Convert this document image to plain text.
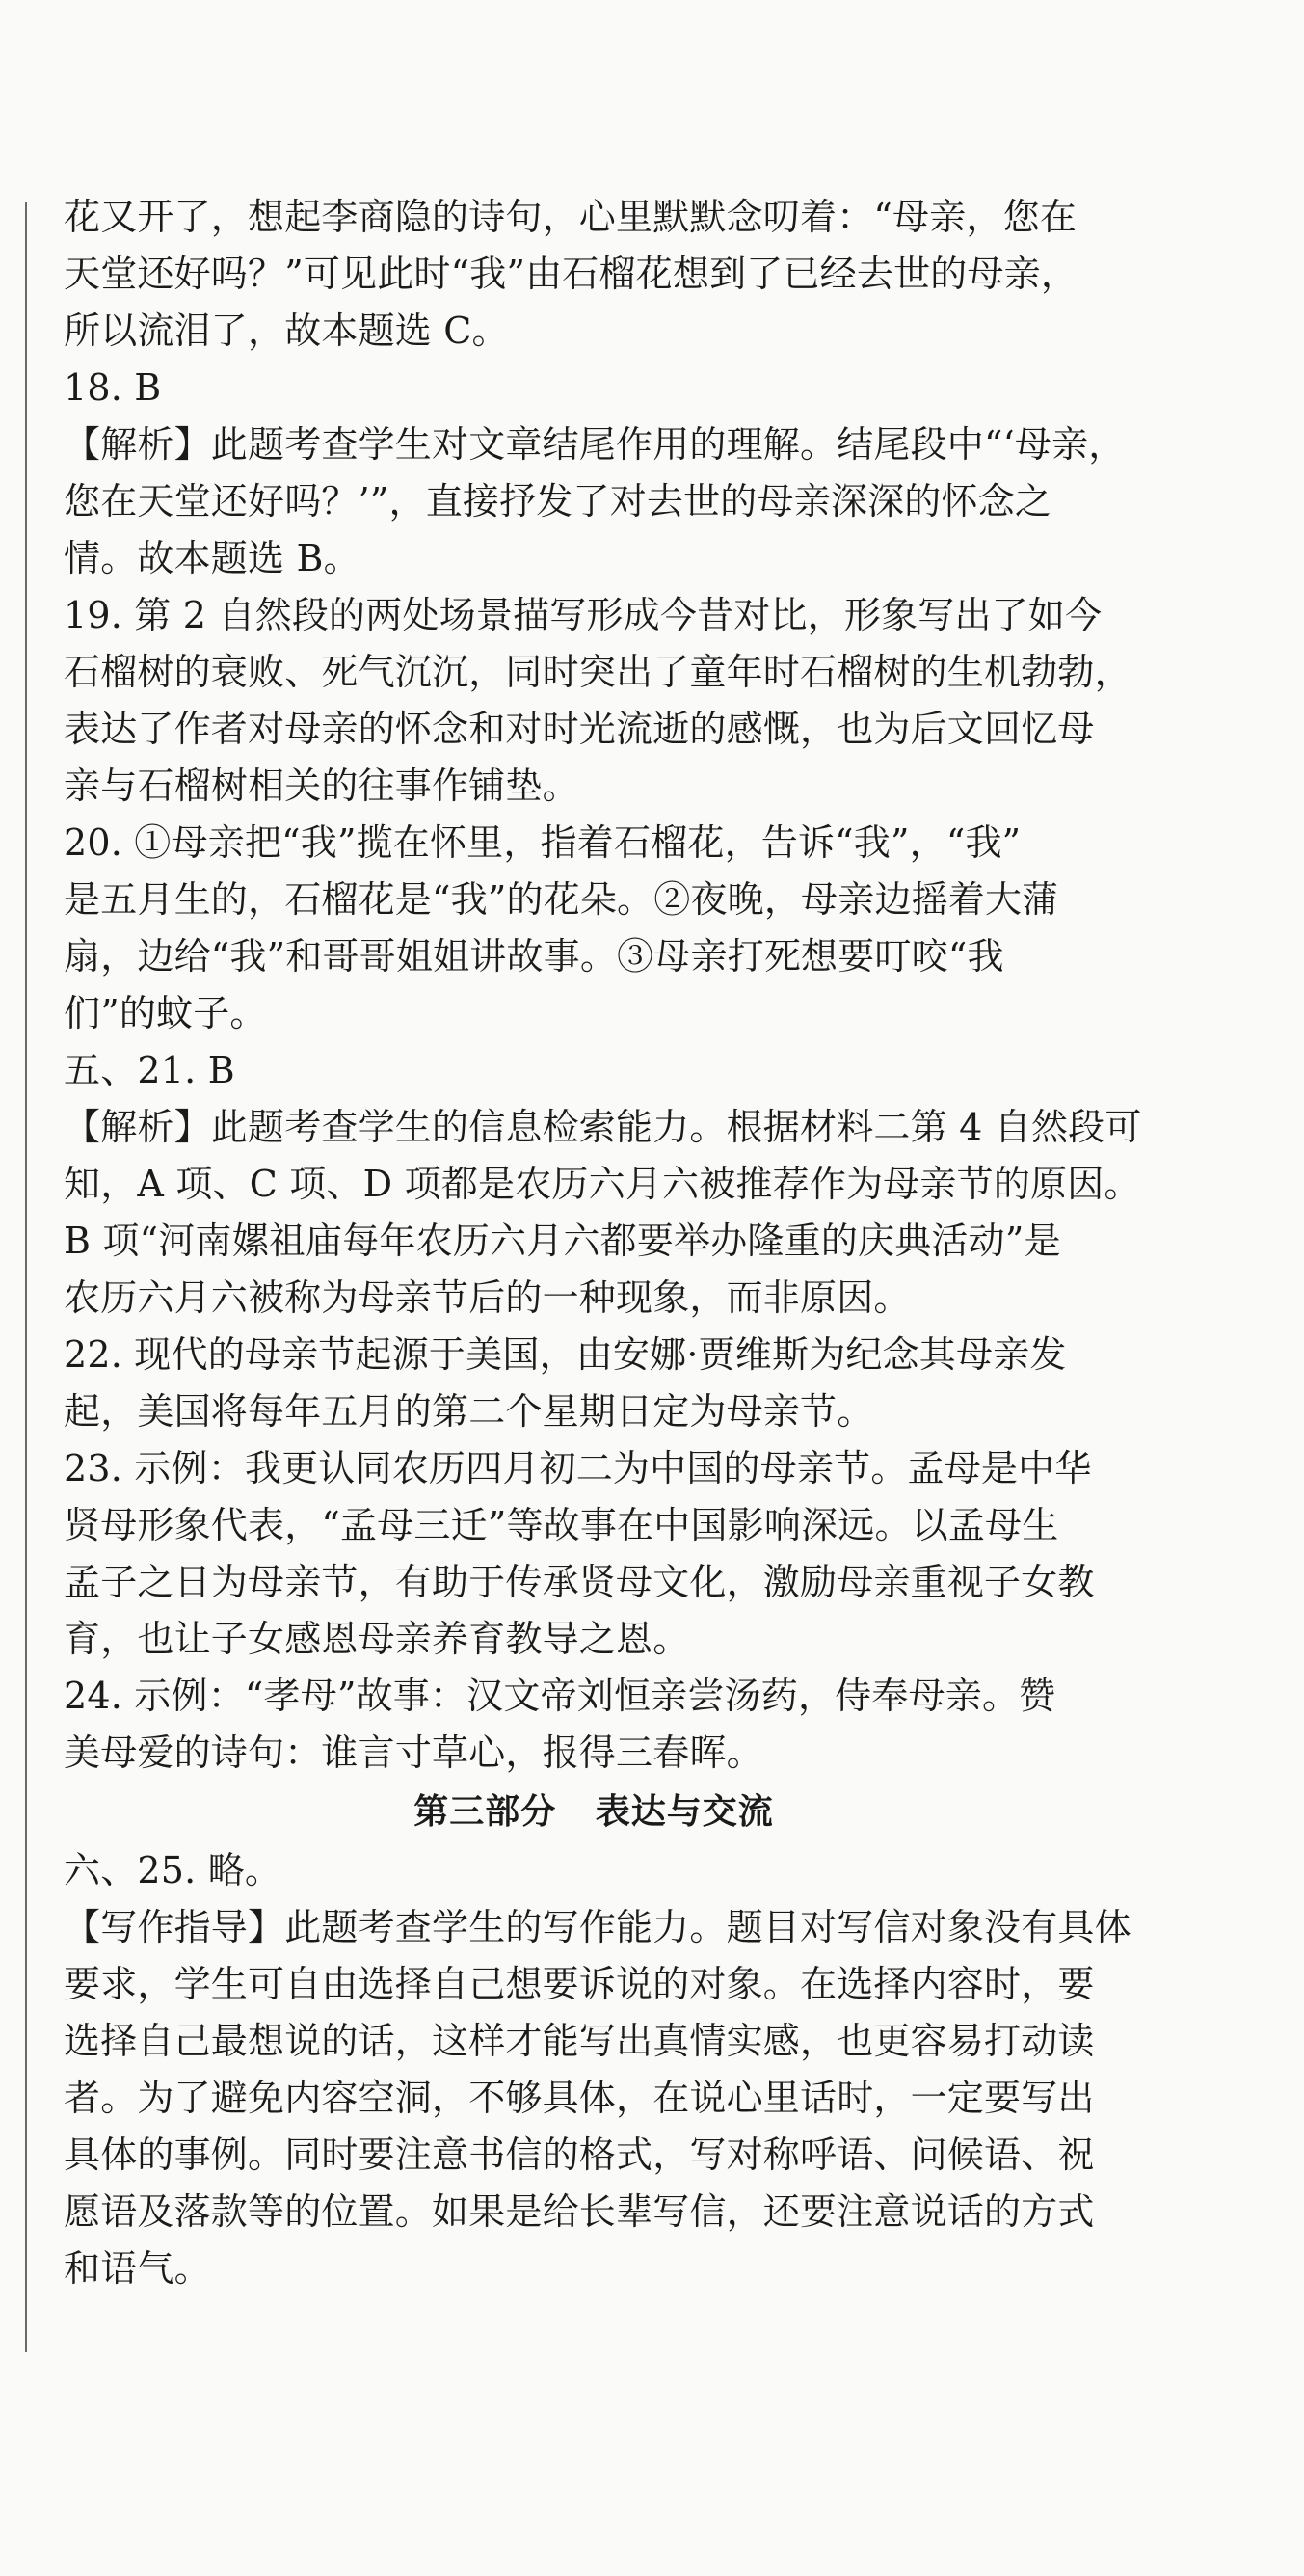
花又开了，想起李商隐的诗句，心里默默念叨着：“母亲，您在
天堂还好吗？”可见此时“我”由石榴花想到了已经去世的母亲，
所以流泪了，故本题选 C。
18. B
【解析】此题考查学生对文章结尾作用的理解。结尾段中“‘母亲，
您在天堂还好吗？’”，直接抒发了对去世的母亲深深的怀念之
情。故本题选 B。
19. 第 2 自然段的两处场景描写形成今昔对比，形象写出了如今
石榴树的衰败、死气沉沉，同时突出了童年时石榴树的生机勃勃，
表达了作者对母亲的怀念和对时光流逝的感慨，也为后文回忆母
亲与石榴树相关的往事作铺垫。
20. ①母亲把“我”揽在怀里，指着石榴花，告诉“我”，“我”
是五月生的，石榴花是“我”的花朵。②夜晚，母亲边摇着大蒲
扇，边给“我”和哥哥姐姐讲故事。③母亲打死想要叮咬“我
们”的蚊子。
五、21. B
【解析】此题考查学生的信息检索能力。根据材料二第 4 自然段可
知，A 项、C 项、D 项都是农历六月六被推荐作为母亲节的原因。
B 项“河南嫘祖庙每年农历六月六都要举办隆重的庆典活动”是
农历六月六被称为母亲节后的一种现象，而非原因。
22. 现代的母亲节起源于美国，由安娜·贾维斯为纪念其母亲发
起，美国将每年五月的第二个星期日定为母亲节。
23. 示例：我更认同农历四月初二为中国的母亲节。孟母是中华
贤母形象代表，“孟母三迁”等故事在中国影响深远。以孟母生
孟子之日为母亲节，有助于传承贤母文化，激励母亲重视子女教
育，也让子女感恩母亲养育教导之恩。
24. 示例：“孝母”故事：汉文帝刘恒亲尝汤药，侍奉母亲。赞
美母爱的诗句：谁言寸草心，报得三春晖。
第三部分   表达与交流
六、25. 略。
【写作指导】此题考查学生的写作能力。题目对写信对象没有具体
要求，学生可自由选择自己想要诉说的对象。在选择内容时，要
选择自己最想说的话，这样才能写出真情实感，也更容易打动读
者。为了避免内容空洞，不够具体，在说心里话时，一定要写出
具体的事例。同时要注意书信的格式，写对称呼语、问候语、祝
愿语及落款等的位置。如果是给长辈写信，还要注意说话的方式
和语气。
